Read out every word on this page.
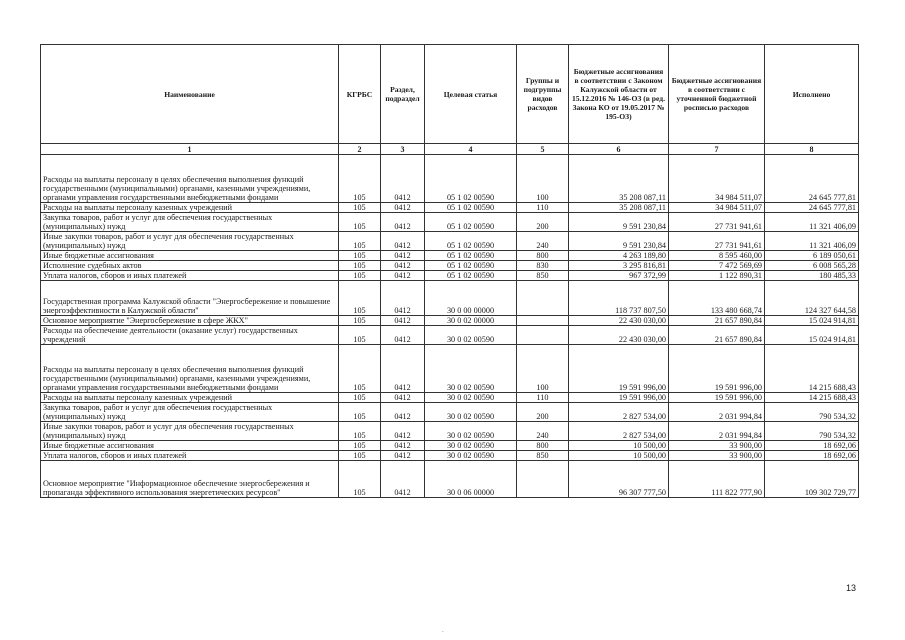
Наименование	КГРБС	Раздел, подраздел	Целевая статья	Группы и подгруппы видов расходов	Бюджетные ассигнования в соответствии с Законом Калужской области от 15.12.2016 № 146-ОЗ (в ред. Закона КО от 19.05.2017 № 195-ОЗ)	Бюджетные ассигнования в соответствии с уточненной бюджетной росписью расходов	Исполнено
1	2	3	4	5	6	7	8
Расходы на выплаты персоналу в целях обеспечения выполнения функций государственными (муниципальными) органами, казенными учреждениями, органами управления государственными внебюджетными фондами	105	0412	05 1 02 00590	100	35 208 087,11	34 984 511,07	24 645 777,81
Расходы на выплаты персоналу казенных учреждений	105	0412	05 1 02 00590	110	35 208 087,11	34 984 511,07	24 645 777,81
Закупка товаров, работ и услуг для обеспечения государственных (муниципальных) нужд	105	0412	05 1 02 00590	200	9 591 230,84	27 731 941,61	11 321 406,09
Иные закупки товаров, работ и услуг для обеспечения государственных (муниципальных) нужд	105	0412	05 1 02 00590	240	9 591 230,84	27 731 941,61	11 321 406,09
Иные бюджетные ассигнования	105	0412	05 1 02 00590	800	4 263 189,80	8 595 460,00	6 189 050,61
Исполнение судебных актов	105	0412	05 1 02 00590	830	3 295 816,81	7 472 569,69	6 008 565,28
Уплата налогов, сборов и иных платежей	105	0412	05 1 02 00590	850	967 372,99	1 122 890,31	180 485,33
Государственная программа Калужской области "Энергосбережение и повышение энергоэффективности в Калужской области"	105	0412	30 0 00 00000		118 737 807,50	133 480 668,74	124 327 644,58
Основное мероприятие "Энергосбережение в сфере ЖКХ"	105	0412	30 0 02 00000		22 430 030,00	21 657 890,84	15 024 914,81
Расходы на обеспечение деятельности (оказание услуг) государственных учреждений	105	0412	30 0 02 00590		22 430 030,00	21 657 890,84	15 024 914,81
Расходы на выплаты персоналу в целях обеспечения выполнения функций государственными (муниципальными) органами, казенными учреждениями, органами управления государственными внебюджетными фондами	105	0412	30 0 02 00590	100	19 591 996,00	19 591 996,00	14 215 688,43
Расходы на выплаты персоналу казенных учреждений	105	0412	30 0 02 00590	110	19 591 996,00	19 591 996,00	14 215 688,43
Закупка товаров, работ и услуг для обеспечения государственных (муниципальных) нужд	105	0412	30 0 02 00590	200	2 827 534,00	2 031 994,84	790 534,32
Иные закупки товаров, работ и услуг для обеспечения государственных (муниципальных) нужд	105	0412	30 0 02 00590	240	2 827 534,00	2 031 994,84	790 534,32
Иные бюджетные ассигнования	105	0412	30 0 02 00590	800	10 500,00	33 900,00	18 692,06
Уплата налогов, сборов и иных платежей	105	0412	30 0 02 00590	850	10 500,00	33 900,00	18 692,06
Основное мероприятие "Информационное обеспечение энергосбережения и пропаганда эффективного использования энергетических ресурсов"	105	0412	30 0 06 00000		96 307 777,50	111 822 777,90	109 302 729,77
13
.
